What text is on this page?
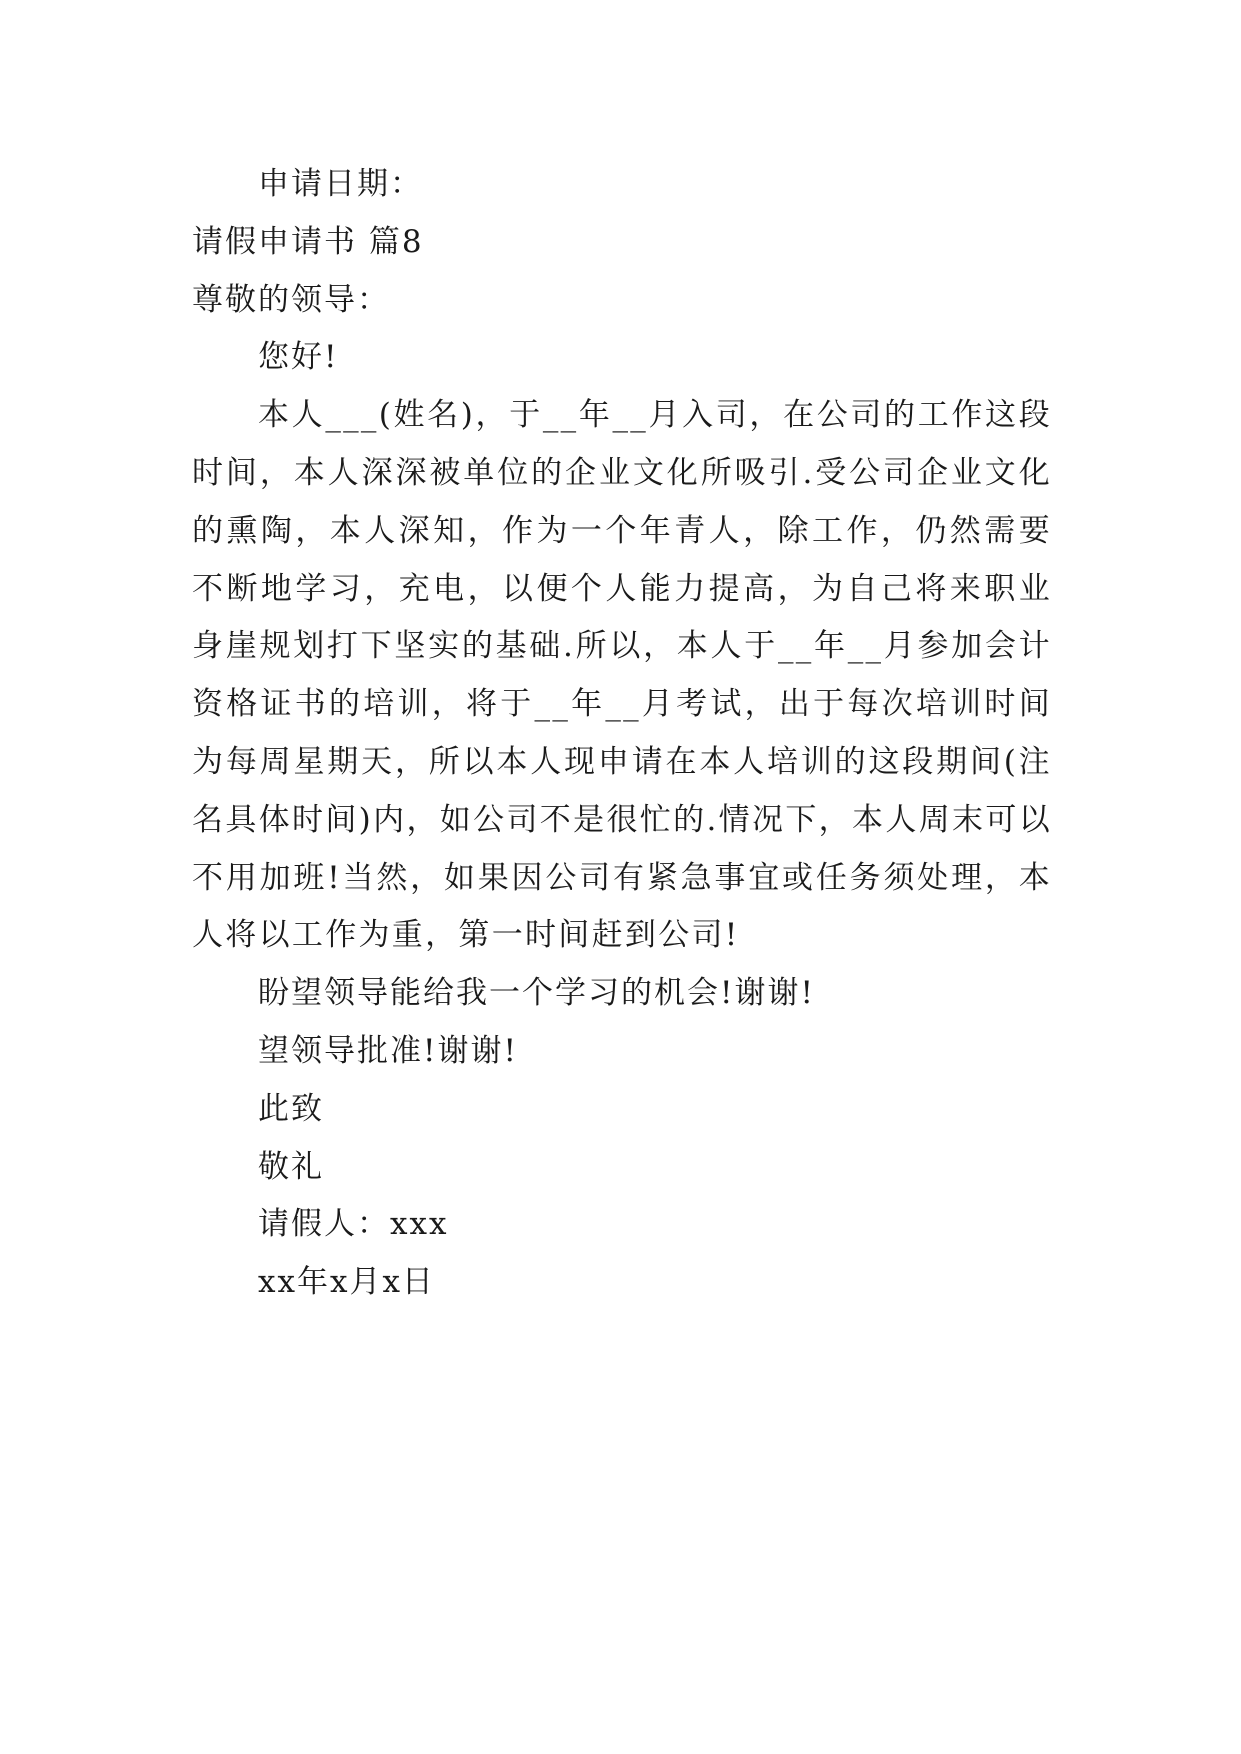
申请日期：
请假申请书 篇8
尊敬的领导：
您好!

本人___(姓名)，于__年__月入司，在公司的工作这段时间，本人深深被单位的企业文化所吸引.受公司企业文化的熏陶，本人深知，作为一个年青人，除工作，仍然需要不断地学习，充电，以便个人能力提高，为自己将来职业身崖规划打下坚实的基础.所以，本人于__年__月参加会计资格证书的培训，将于__年__月考试，出于每次培训时间为每周星期天，所以本人现申请在本人培训的这段期间(注名具体时间)内，如公司不是很忙的.情况下，本人周末可以不用加班!当然，如果因公司有紧急事宜或任务须处理，本人将以工作为重，第一时间赶到公司!

盼望领导能给我一个学习的机会!谢谢!
望领导批准!谢谢!
此致
敬礼
请假人：xxx
xx年x月x日
